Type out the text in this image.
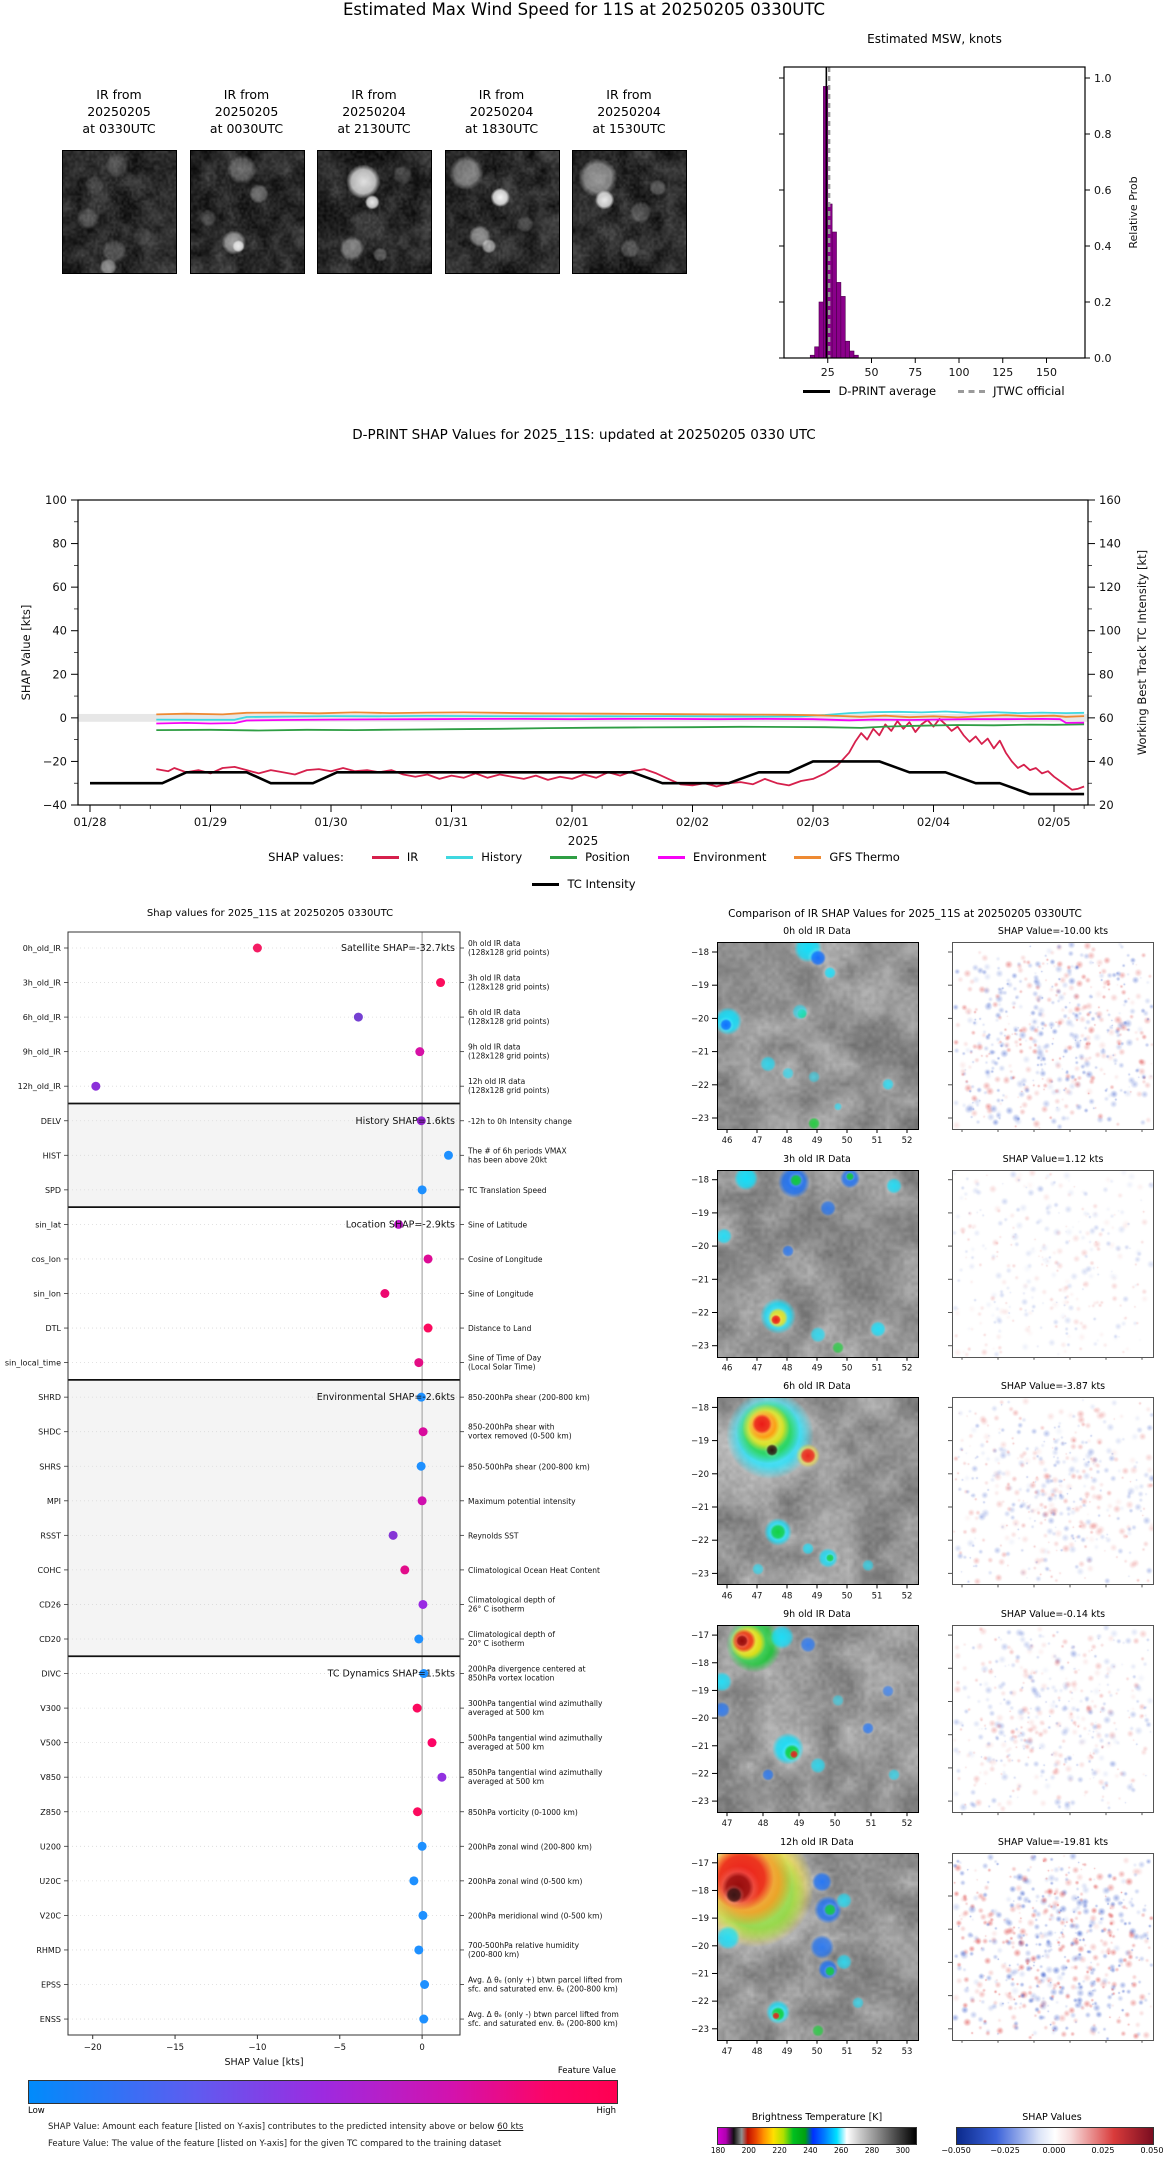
Estimated Max Wind Speed for 11S at 20250205 0330UTC
IR from
20250205
at 0330UTC
IR from
20250205
at 0030UTC
IR from
20250204
at 2130UTC
IR from
20250204
at 1830UTC
IR from
20250204
at 1530UTC
Estimated MSW, knots
0.0
0.2
0.4
0.6
0.8
1.0
25	50	75 100 125 150
Relative Prob
D-PRINT average	JTWC official
D-PRINT SHAP Values for 2025_11S: updated at 20250205 0330 UTC
100	160
80	140
60	120
40	100
20	80
0	60
−20	40
−40	20
01/28	01/29	01/30	01/31	02/01	02/02	02/03	02/04	02/05
2025
SHAP Value [kts]	Working Best Track TC Intensity [kt]
SHAP values:	IR	History	Position	Environment	GFS Thermo
TC Intensity
Shap values for 2025_11S at 20250205 0330UTC
0h_old_IR
0h old IR data
(128x128 grid points)
3h_old_IR
3h old IR data
(128x128 grid points)
6h_old_IR
6h old IR data
(128x128 grid points)
9h_old_IR
9h old IR data
(128x128 grid points)
12h_old_IR
12h old IR data
(128x128 grid points)
DELV	-12h to 0h Intensity change
HIST
The # of 6h periods VMAX
has been above 20kt
SPD	TC Translation Speed
sin_lat	Sine of Latitude
cos_lon	Cosine of Longitude
sin_lon	Sine of Longitude
DTL	Distance to Land
sin_local_time
Sine of Time of Day
(Local Solar Time)
SHRD	850-200hPa shear (200-800 km)
SHDC
850-200hPa shear with
vortex removed (0-500 km)
SHRS	850-500hPa shear (200-800 km)
MPI	Maximum potential intensity
RSST	Reynolds SST
COHC	Climatological Ocean Heat Content
CD26
Climatological depth of
26° C isotherm
CD20
Climatological depth of
20° C isotherm
DIVC
200hPa divergence centered at
850hPa vortex location
V300
300hPa tangential wind azimuthally
averaged at 500 km
V500
500hPa tangential wind azimuthally
averaged at 500 km
V850
850hPa tangential wind azimuthally
averaged at 500 km
Z850	850hPa vorticity (0-1000 km)
U200	200hPa zonal wind (200-800 km)
U20C	200hPa zonal wind (0-500 km)
V20C	200hPa meridional wind (0-500 km)
RHMD
700-500hPa relative humidity
(200-800 km)
EPSS
Avg. Δ θₑ (only +) btwn parcel lifted from
sfc. and saturated env. θₑ (200-800 km)
ENSS
Avg. Δ θₑ (only -) btwn parcel lifted from
sfc. and saturated env. θₑ (200-800 km)
Satellite SHAP=-32.7kts
History SHAP=1.6kts
Location SHAP=-2.9kts
Environmental SHAP=-2.6kts
TC Dynamics SHAP=1.5kts
−20	−15	−10	−5	0
SHAP Value [kts]
Feature Value
Low	High
SHAP Value: Amount each feature [listed on Y-axis] contributes to the predicted intensity above or below 60 kts
Feature Value: The value of the feature [listed on Y-axis] for the given TC compared to the training dataset
Comparison of IR SHAP Values for 2025_11S at 20250205 0330UTC
0h old IR Data	SHAP Value=-10.00 kts
3h old IR Data	SHAP Value=1.12 kts
6h old IR Data	SHAP Value=-3.87 kts
9h old IR Data	SHAP Value=-0.14 kts
12h old IR Data	SHAP Value=-19.81 kts
−18
−19
−20
−21
−22
−23
46 47 48 49 50 51 52
−18
−19
−20
−21
−22
−23
46 47 48 49 50 51 52
−18
−19
−20
−21
−22
−23
46 47 48 49 50 51 52
−17
−18
−19
−20
−21
−22
−23
47	48	49	50	51	52
−17
−18
−19
−20
−21
−22
−23
47 48 49 50 51 52 53
Brightness Temperature [K]
180	200	220	240	260	280	300
SHAP Values
−0.050	−0.025	0.000	0.025	0.050
